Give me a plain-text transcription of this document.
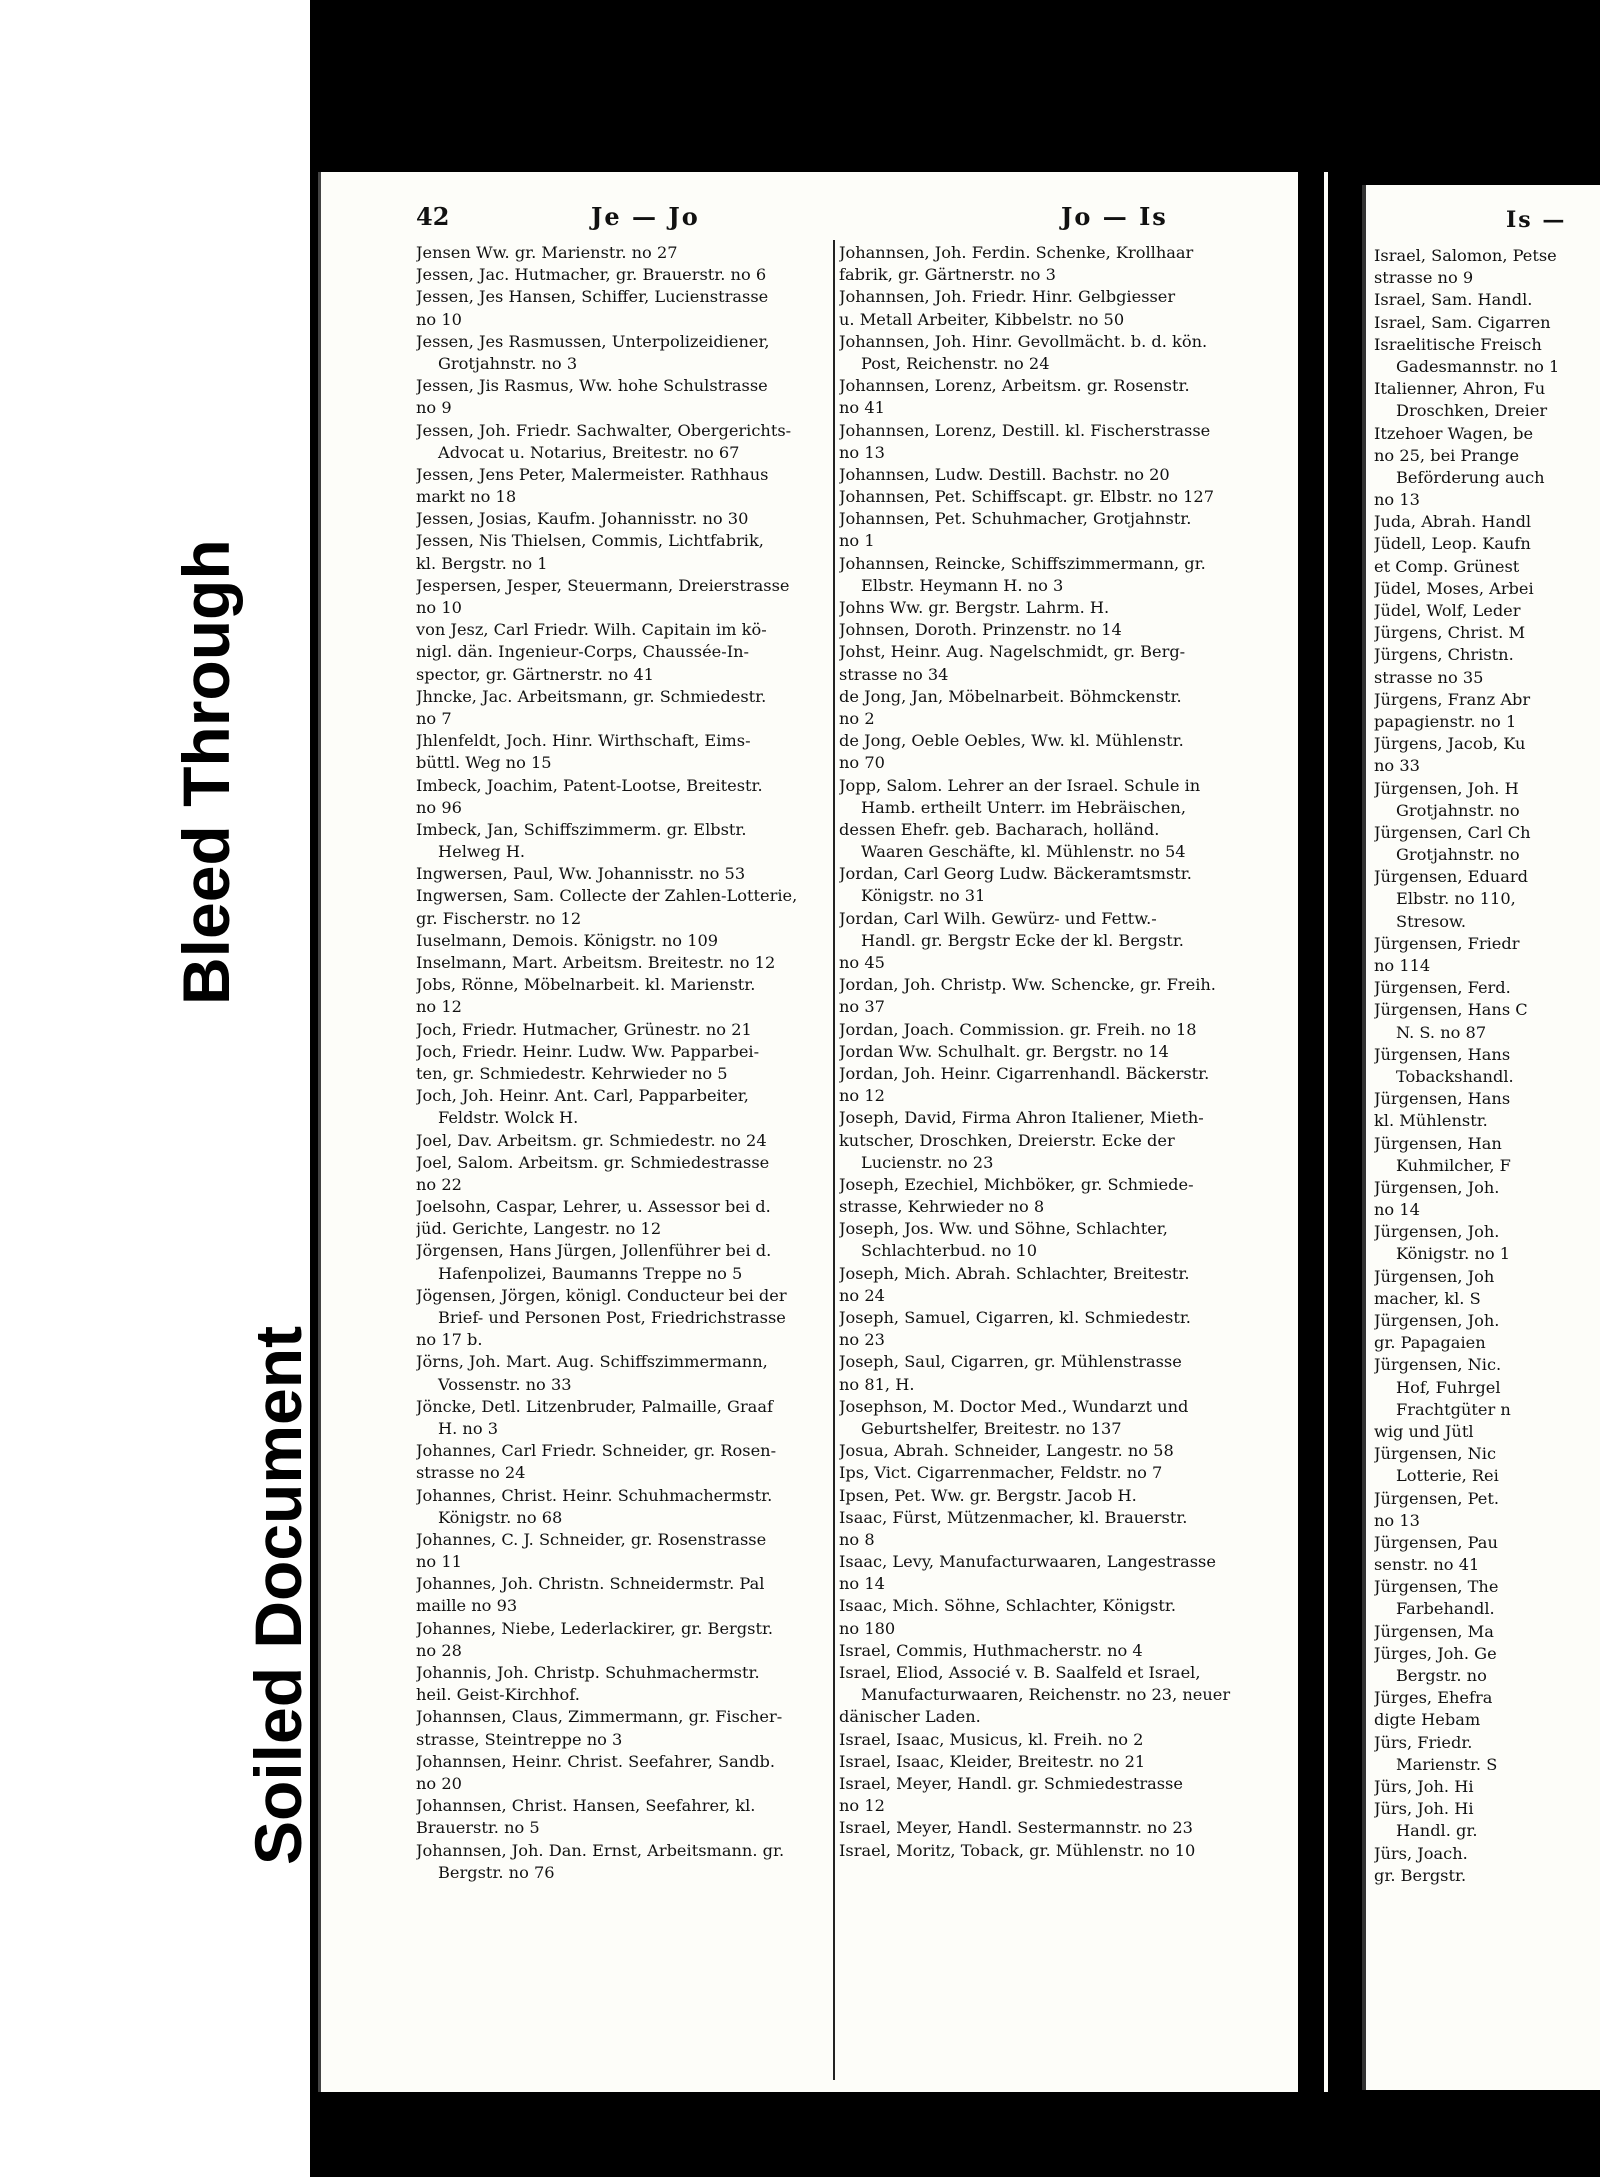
Bleed Through
Soiled Document
42	Je — Jo	Jo — Is
Jensen Ww. gr. Marienstr. no 27
Jessen, Jac. Hutmacher, gr. Brauerstr. no 6
Jessen, Jes Hansen, Schiffer, Lucienstrasse
no 10
Jessen, Jes Rasmussen, Unterpolizeidiener,
Grotjahnstr. no 3
Jessen, Jis Rasmus, Ww. hohe Schulstrasse
no 9
Jessen, Joh. Friedr. Sachwalter, Obergerichts-
Advocat u. Notarius, Breitestr. no 67
Jessen, Jens Peter, Malermeister. Rathhaus
markt no 18
Jessen, Josias, Kaufm. Johannisstr. no 30
Jessen, Nis Thielsen, Commis, Lichtfabrik,
kl. Bergstr. no 1
Jespersen, Jesper, Steuermann, Dreierstrasse
no 10
von Jesz, Carl Friedr. Wilh. Capitain im kö-
nigl. dän. Ingenieur-Corps, Chaussée-In-
spector, gr. Gärtnerstr. no 41
Jhncke, Jac. Arbeitsmann, gr. Schmiedestr.
no 7
Jhlenfeldt, Joch. Hinr. Wirthschaft, Eims-
büttl. Weg no 15
Imbeck, Joachim, Patent-Lootse, Breitestr.
no 96
Imbeck, Jan, Schiffszimmerm. gr. Elbstr.
Helweg H.
Ingwersen, Paul, Ww. Johannisstr. no 53
Ingwersen, Sam. Collecte der Zahlen-Lotterie,
gr. Fischerstr. no 12
Iuselmann, Demois. Königstr. no 109
Inselmann, Mart. Arbeitsm. Breitestr. no 12
Jobs, Rönne, Möbelnarbeit. kl. Marienstr.
no 12
Joch, Friedr. Hutmacher, Grünestr. no 21
Joch, Friedr. Heinr. Ludw. Ww. Papparbei-
ten, gr. Schmiedestr. Kehrwieder no 5
Joch, Joh. Heinr. Ant. Carl, Papparbeiter,
Feldstr. Wolck H.
Joel, Dav. Arbeitsm. gr. Schmiedestr. no 24
Joel, Salom. Arbeitsm. gr. Schmiedestrasse
no 22
Joelsohn, Caspar, Lehrer, u. Assessor bei d.
jüd. Gerichte, Langestr. no 12
Jörgensen, Hans Jürgen, Jollenführer bei d.
Hafenpolizei, Baumanns Treppe no 5
Jögensen, Jörgen, königl. Conducteur bei der
Brief- und Personen Post, Friedrichstrasse
no 17 b.
Jörns, Joh. Mart. Aug. Schiffszimmermann,
Vossenstr. no 33
Jöncke, Detl. Litzenbruder, Palmaille, Graaf
H. no 3
Johannes, Carl Friedr. Schneider, gr. Rosen-
strasse no 24
Johannes, Christ. Heinr. Schuhmachermstr.
Königstr. no 68
Johannes, C. J. Schneider, gr. Rosenstrasse
no 11
Johannes, Joh. Christn. Schneidermstr. Pal
maille no 93
Johannes, Niebe, Lederlackirer, gr. Bergstr.
no 28
Johannis, Joh. Christp. Schuhmachermstr.
heil. Geist-Kirchhof.
Johannsen, Claus, Zimmermann, gr. Fischer-
strasse, Steintreppe no 3
Johannsen, Heinr. Christ. Seefahrer, Sandb.
no 20
Johannsen, Christ. Hansen, Seefahrer, kl.
Brauerstr. no 5
Johannsen, Joh. Dan. Ernst, Arbeitsmann. gr.
Bergstr. no 76
Johannsen, Joh. Ferdin. Schenke, Krollhaar
fabrik, gr. Gärtnerstr. no 3
Johannsen, Joh. Friedr. Hinr. Gelbgiesser
u. Metall Arbeiter, Kibbelstr. no 50
Johannsen, Joh. Hinr. Gevollmächt. b. d. kön.
Post, Reichenstr. no 24
Johannsen, Lorenz, Arbeitsm. gr. Rosenstr.
no 41
Johannsen, Lorenz, Destill. kl. Fischerstrasse
no 13
Johannsen, Ludw. Destill. Bachstr. no 20
Johannsen, Pet. Schiffscapt. gr. Elbstr. no 127
Johannsen, Pet. Schuhmacher, Grotjahnstr.
no 1
Johannsen, Reincke, Schiffszimmermann, gr.
Elbstr. Heymann H. no 3
Johns Ww. gr. Bergstr. Lahrm. H.
Johnsen, Doroth. Prinzenstr. no 14
Johst, Heinr. Aug. Nagelschmidt, gr. Berg-
strasse no 34
de Jong, Jan, Möbelnarbeit. Böhmckenstr.
no 2
de Jong, Oeble Oebles, Ww. kl. Mühlenstr.
no 70
Jopp, Salom. Lehrer an der Israel. Schule in
Hamb. ertheilt Unterr. im Hebräischen,
dessen Ehefr. geb. Bacharach, holländ.
Waaren Geschäfte, kl. Mühlenstr. no 54
Jordan, Carl Georg Ludw. Bäckeramtsmstr.
Königstr. no 31
Jordan, Carl Wilh. Gewürz- und Fettw.-
Handl. gr. Bergstr Ecke der kl. Bergstr.
no 45
Jordan, Joh. Christp. Ww. Schencke, gr. Freih.
no 37
Jordan, Joach. Commission. gr. Freih. no 18
Jordan Ww. Schulhalt. gr. Bergstr. no 14
Jordan, Joh. Heinr. Cigarrenhandl. Bäckerstr.
no 12
Joseph, David, Firma Ahron Italiener, Mieth-
kutscher, Droschken, Dreierstr. Ecke der
Lucienstr. no 23
Joseph, Ezechiel, Michböker, gr. Schmiede-
strasse, Kehrwieder no 8
Joseph, Jos. Ww. und Söhne, Schlachter,
Schlachterbud. no 10
Joseph, Mich. Abrah. Schlachter, Breitestr.
no 24
Joseph, Samuel, Cigarren, kl. Schmiedestr.
no 23
Joseph, Saul, Cigarren, gr. Mühlenstrasse
no 81, H.
Josephson, M. Doctor Med., Wundarzt und
Geburtshelfer, Breitestr. no 137
Josua, Abrah. Schneider, Langestr. no 58
Ips, Vict. Cigarrenmacher, Feldstr. no 7
Ipsen, Pet. Ww. gr. Bergstr. Jacob H.
Isaac, Fürst, Mützenmacher, kl. Brauerstr.
no 8
Isaac, Levy, Manufacturwaaren, Langestrasse
no 14
Isaac, Mich. Söhne, Schlachter, Königstr.
no 180
Israel, Commis, Huthmacherstr. no 4
Israel, Eliod, Associé v. B. Saalfeld et Israel,
Manufacturwaaren, Reichenstr. no 23, neuer
dänischer Laden.
Israel, Isaac, Musicus, kl. Freih. no 2
Israel, Isaac, Kleider, Breitestr. no 21
Israel, Meyer, Handl. gr. Schmiedestrasse
no 12
Israel, Meyer, Handl. Sestermannstr. no 23
Israel, Moritz, Toback, gr. Mühlenstr. no 10
Is —
Israel, Salomon, Petse
strasse no 9
Israel, Sam. Handl.
Israel, Sam. Cigarren
Israelitische Freisch
Gadesmannstr. no 1
Italienner, Ahron, Fu
Droschken, Dreier
Itzehoer Wagen, be
no 25, bei Prange
Beförderung auch
no 13
Juda, Abrah. Handl
Jüdell, Leop. Kaufn
et Comp. Grünest
Jüdel, Moses, Arbei
Jüdel, Wolf, Leder
Jürgens, Christ. M
Jürgens, Christn.
strasse no 35
Jürgens, Franz Abr
papagienstr. no 1
Jürgens, Jacob, Ku
no 33
Jürgensen, Joh. H
Grotjahnstr. no
Jürgensen, Carl Ch
Grotjahnstr. no
Jürgensen, Eduard
Elbstr. no 110,
Stresow.
Jürgensen, Friedr
no 114
Jürgensen, Ferd.
Jürgensen, Hans C
N. S. no 87
Jürgensen, Hans
Tobackshandl.
Jürgensen, Hans
kl. Mühlenstr.
Jürgensen, Han
Kuhmilcher, F
Jürgensen, Joh.
no 14
Jürgensen, Joh.
Königstr. no 1
Jürgensen, Joh
macher, kl. S
Jürgensen, Joh.
gr. Papagaien
Jürgensen, Nic.
Hof, Fuhrgel
Frachtgüter n
wig und Jütl
Jürgensen, Nic
Lotterie, Rei
Jürgensen, Pet.
no 13
Jürgensen, Pau
senstr. no 41
Jürgensen, The
Farbehandl.
Jürgensen, Ma
Jürges, Joh. Ge
Bergstr. no
Jürges, Ehefra
digte Hebam
Jürs, Friedr.
Marienstr. S
Jürs, Joh. Hi
Jürs, Joh. Hi
Handl. gr.
Jürs, Joach.
gr. Bergstr.
